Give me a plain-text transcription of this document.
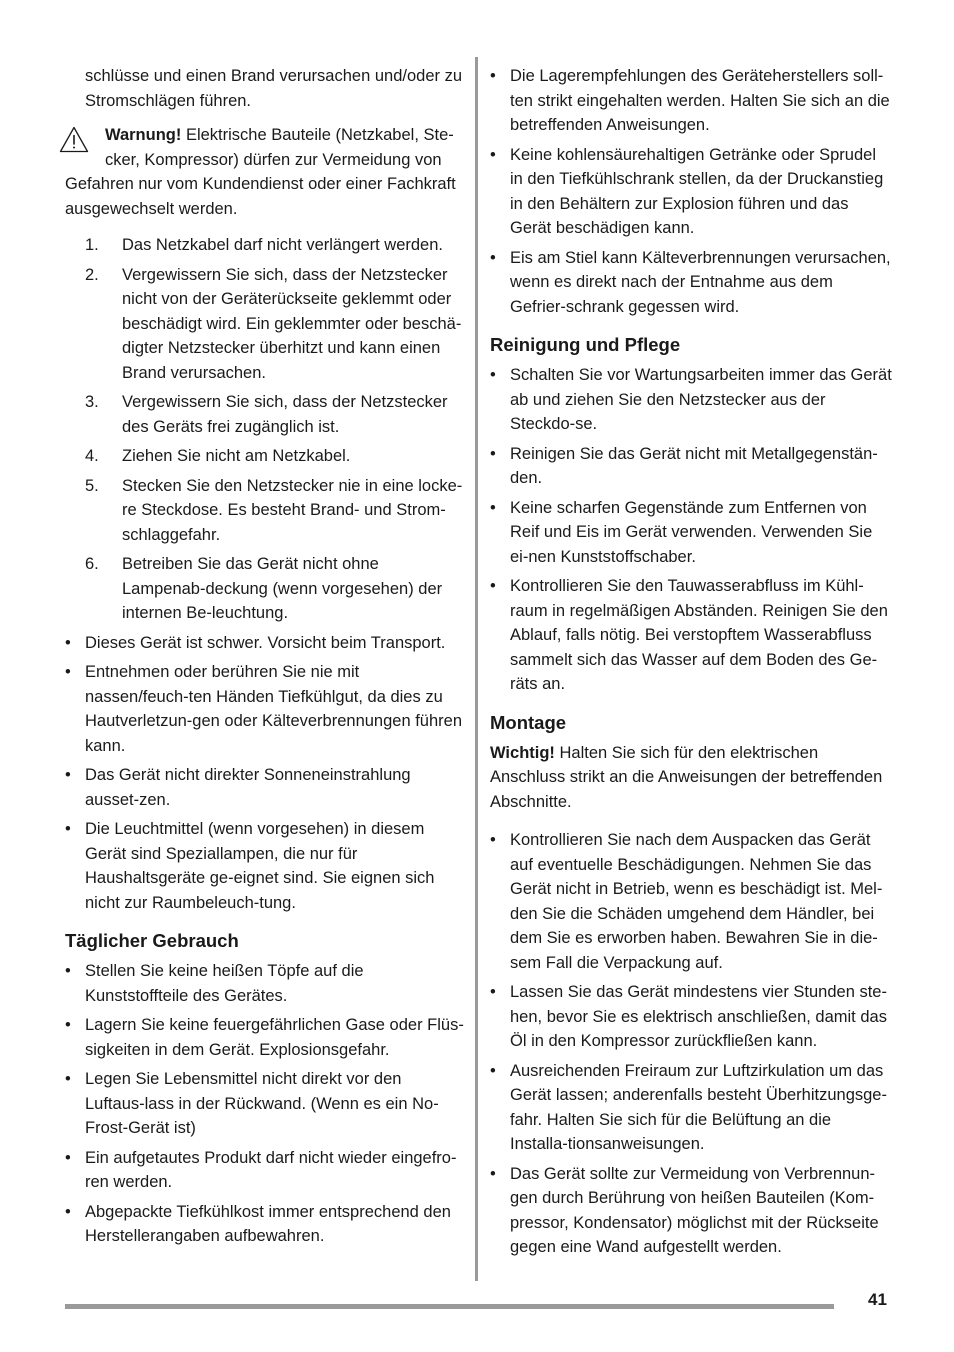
schlüsse und einen Brand verursachen und/oder zu Stromschlägen führen.

Warnung! Elektrische Bauteile (Netzkabel, Ste-

cker, Kompressor) dürfen zur Vermeidung von

Gefahren nur vom Kundendienst oder einer Fachkraft ausgewechselt werden.

1. Das Netzkabel darf nicht verlängert werden.
2. Vergewissern Sie sich, dass der Netzstecker nicht von der Geräterückseite geklemmt oder beschädigt wird. Ein geklemmter oder beschä-digter Netzstecker überhitzt und kann einen Brand verursachen.
3. Vergewissern Sie sich, dass der Netzstecker des Geräts frei zugänglich ist.
4. Ziehen Sie nicht am Netzkabel.
5. Stecken Sie den Netzstecker nie in eine locke-re Steckdose. Es besteht Brand- und Strom-schlaggefahr.
6. Betreiben Sie das Gerät nicht ohne Lampenab-deckung (wenn vorgesehen) der internen Be-leuchtung.
• Dieses Gerät ist schwer. Vorsicht beim Transport.
• Entnehmen oder berühren Sie nie mit nassen/feuch-ten Händen Tiefkühlgut, da dies zu Hautverletzun-gen oder Kälteverbrennungen führen kann.
• Das Gerät nicht direkter Sonneneinstrahlung ausset-zen.
• Die Leuchtmittel (wenn vorgesehen) in diesem Gerät sind Speziallampen, die nur für Haushaltsgeräte ge-eignet sind. Sie eignen sich nicht zur Raumbeleuch-tung.
Täglicher Gebrauch
• Stellen Sie keine heißen Töpfe auf die Kunststoffteile des Gerätes.
• Lagern Sie keine feuergefährlichen Gase oder Flüs-sigkeiten in dem Gerät. Explosionsgefahr.
• Legen Sie Lebensmittel nicht direkt vor den Luftaus-lass in der Rückwand. (Wenn es ein No-Frost-Gerät ist)
• Ein aufgetautes Produkt darf nicht wieder eingefro-ren werden.
• Abgepackte Tiefkühlkost immer entsprechend den Herstellerangaben aufbewahren.
• Die Lagerempfehlungen des Geräteherstellers soll-ten strikt eingehalten werden. Halten Sie sich an die betreffenden Anweisungen.
• Keine kohlensäurehaltigen Getränke oder Sprudel in den Tiefkühlschrank stellen, da der Druckanstieg in den Behältern zur Explosion führen und das Gerät beschädigen kann.
• Eis am Stiel kann Kälteverbrennungen verursachen, wenn es direkt nach der Entnahme aus dem Gefrier-schrank gegessen wird.
Reinigung und Pflege
• Schalten Sie vor Wartungsarbeiten immer das Gerät ab und ziehen Sie den Netzstecker aus der Steckdo-se.
• Reinigen Sie das Gerät nicht mit Metallgegenstän-den.
• Keine scharfen Gegenstände zum Entfernen von Reif und Eis im Gerät verwenden. Verwenden Sie ei-nen Kunststoffschaber.
• Kontrollieren Sie den Tauwasserabfluss im Kühl-raum in regelmäßigen Abständen. Reinigen Sie den Ablauf, falls nötig. Bei verstopftem Wasserabfluss sammelt sich das Wasser auf dem Boden des Ge-räts an.
Montage

Wichtig! Halten Sie sich für den elektrischen Anschluss strikt an die Anweisungen der betreffenden Abschnitte.

• Kontrollieren Sie nach dem Auspacken das Gerät auf eventuelle Beschädigungen. Nehmen Sie das Gerät nicht in Betrieb, wenn es beschädigt ist. Mel-den Sie die Schäden umgehend dem Händler, bei dem Sie es erworben haben. Bewahren Sie in die-sem Fall die Verpackung auf.
• Lassen Sie das Gerät mindestens vier Stunden ste-hen, bevor Sie es elektrisch anschließen, damit das Öl in den Kompressor zurückfließen kann.
• Ausreichenden Freiraum zur Luftzirkulation um das Gerät lassen; anderenfalls besteht Überhitzungsge-fahr. Halten Sie sich für die Belüftung an die Installa-tionsanweisungen.
• Das Gerät sollte zur Vermeidung von Verbrennun-gen durch Berührung von heißen Bauteilen (Kom-pressor, Kondensator) möglichst mit der Rückseite gegen eine Wand aufgestellt werden.
41
